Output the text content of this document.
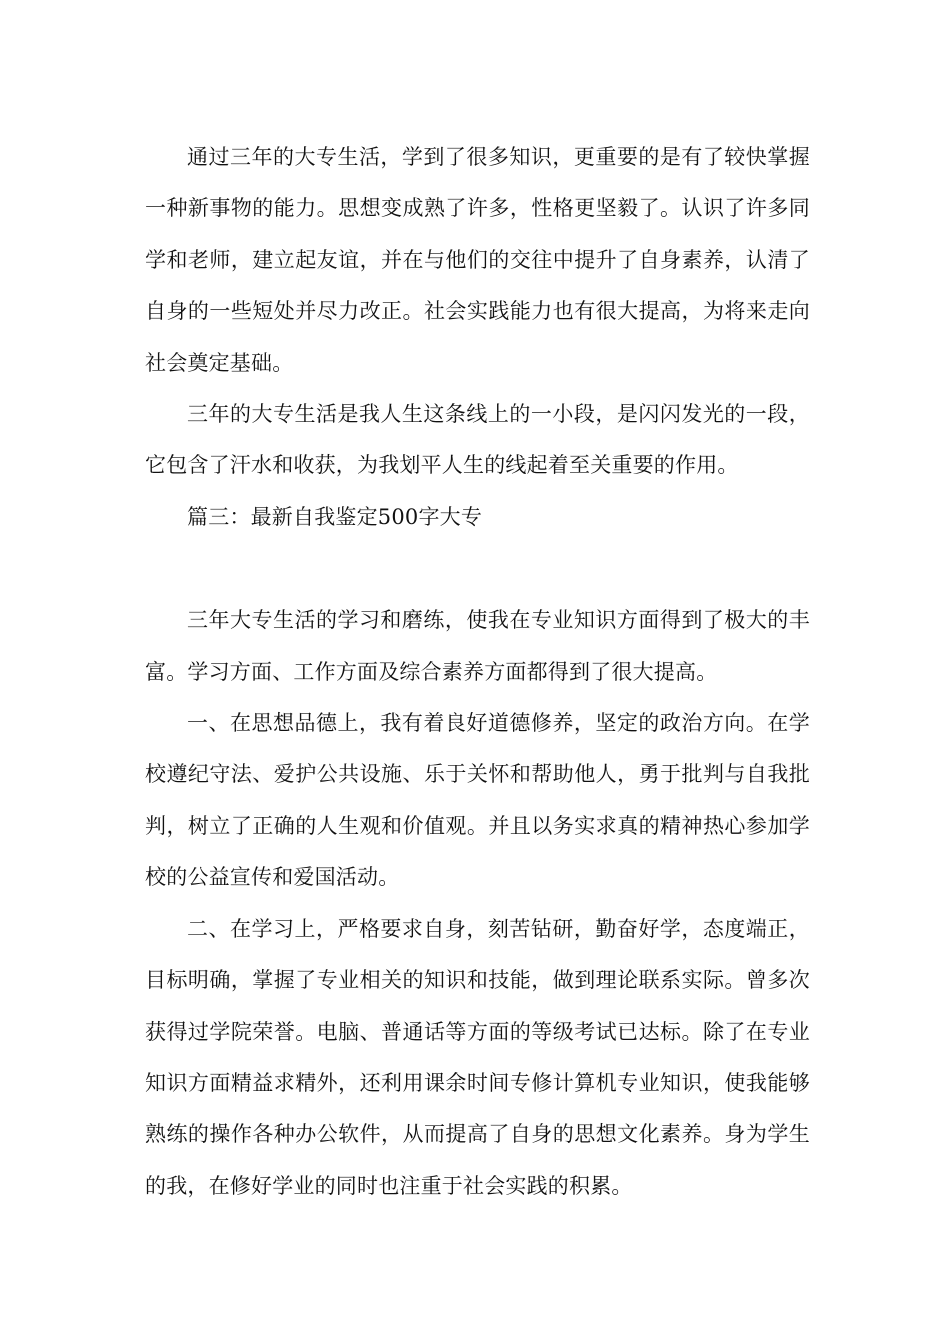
通过三年的大专生活，学到了很多知识，更重要的是有了较快掌握一种新事物的能力。思想变成熟了许多，性格更坚毅了。认识了许多同学和老师，建立起友谊，并在与他们的交往中提升了自身素养，认清了自身的一些短处并尽力改正。社会实践能力也有很大提高，为将来走向社会奠定基础。

三年的大专生活是我人生这条线上的一小段，是闪闪发光的一段，它包含了汗水和收获，为我划平人生的线起着至关重要的作用。

篇三：最新自我鉴定500字大专

三年大专生活的学习和磨练，使我在专业知识方面得到了极大的丰富。学习方面、工作方面及综合素养方面都得到了很大提高。

一、在思想品德上，我有着良好道德修养，坚定的政治方向。在学校遵纪守法、爱护公共设施、乐于关怀和帮助他人，勇于批判与自我批判，树立了正确的人生观和价值观。并且以务实求真的精神热心参加学校的公益宣传和爱国活动。

二、在学习上，严格要求自身，刻苦钻研，勤奋好学，态度端正，目标明确，掌握了专业相关的知识和技能，做到理论联系实际。曾多次获得过学院荣誉。电脑、普通话等方面的等级考试已达标。除了在专业知识方面精益求精外，还利用课余时间专修计算机专业知识，使我能够熟练的操作各种办公软件，从而提高了自身的思想文化素养。身为学生的我，在修好学业的同时也注重于社会实践的积累。
